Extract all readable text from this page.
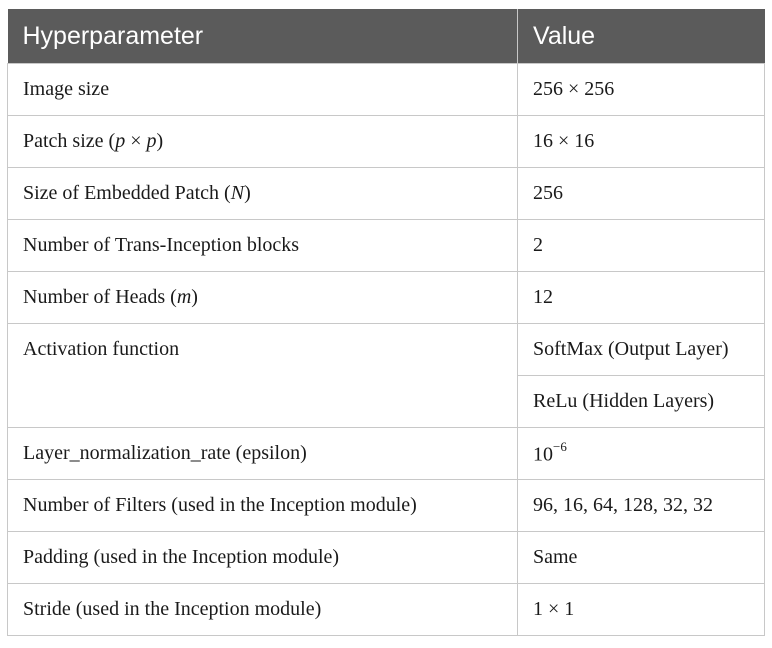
Hyperparameter	Value
Image size	256 × 256
Patch size (p × p)	16 × 16
Size of Embedded Patch (N)	256
Number of Trans-Inception blocks	2
Number of Heads (m)	12
Activation function	SoftMax (Output Layer)
	ReLu (Hidden Layers)
Layer_normalization_rate (epsilon)	$10^{-6}$
Number of Filters (used in the Inception module)	96, 16, 64, 128, 32, 32
Padding (used in the Inception module)	Same
Stride (used in the Inception module)	1 × 1
